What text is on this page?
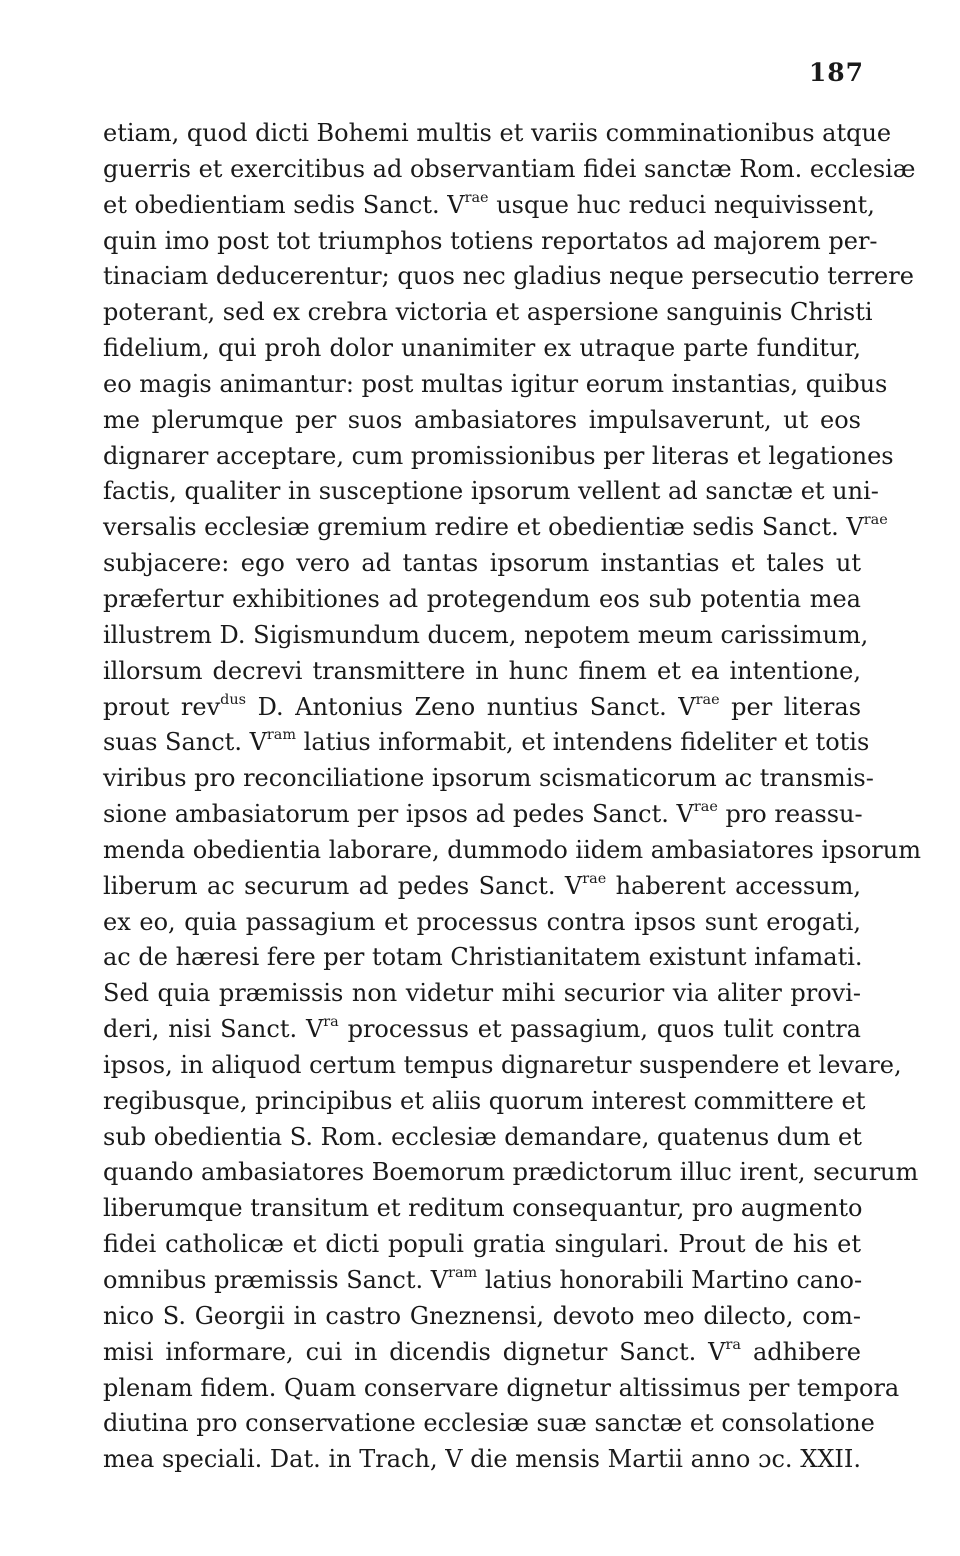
187
etiam, quod dicti Bohemi multis et variis comminationibus atque
guerris et exercitibus ad observantiam fidei sanctæ Rom. ecclesiæ
et obedientiam sedis Sanct. $V^{rae}$ usque huc reduci nequivissent,
quin imo post tot triumphos totiens reportatos ad majorem per-
tinaciam deducerentur; quos nec gladius neque persecutio terrere
poterant, sed ex crebra victoria et aspersione sanguinis Christi
fidelium, qui proh dolor unanimiter ex utraque parte funditur,
eo magis animantur: post multas igitur eorum instantias, quibus
me plerumque per suos ambasiatores impulsaverunt, ut eos
dignarer acceptare, cum promissionibus per literas et legationes
factis, qualiter in susceptione ipsorum vellent ad sanctæ et uni-
versalis ecclesiæ gremium redire et obedientiæ sedis Sanct. $V^{rae}$
subjacere: ego vero ad tantas ipsorum instantias et tales ut
præfertur exhibitiones ad protegendum eos sub potentia mea
illustrem D. Sigismundum ducem, nepotem meum carissimum,
illorsum decrevi transmittere in hunc finem et ea intentione,
prout rev$^{dus}$ D. Antonius Zeno nuntius Sanct. $V^{rae}$ per literas
suas Sanct. $V^{ram}$ latius informabit, et intendens fideliter et totis
viribus pro reconciliatione ipsorum scismaticorum ac transmis-
sione ambasiatorum per ipsos ad pedes Sanct. $V^{rae}$ pro reassu-
menda obedientia laborare, dummodo iidem ambasiatores ipsorum
liberum ac securum ad pedes Sanct. $V^{rae}$ haberent accessum,
ex eo, quia passagium et processus contra ipsos sunt erogati,
ac de hæresi fere per totam Christianitatem existunt infamati.
Sed quia præmissis non videtur mihi securior via aliter provi-
deri, nisi Sanct. $V^{ra}$ processus et passagium, quos tulit contra
ipsos, in aliquod certum tempus dignaretur suspendere et levare,
regibusque, principibus et aliis quorum interest committere et
sub obedientia S. Rom. ecclesiæ demandare, quatenus dum et
quando ambasiatores Boemorum prædictorum illuc irent, securum
liberumque transitum et reditum consequantur, pro augmento
fidei catholicæ et dicti populi gratia singulari. Prout de his et
omnibus præmissis Sanct. $V^{ram}$ latius honorabili Martino cano-
nico S. Georgii in castro Gneznensi, devoto meo dilecto, com-
misi informare, cui in dicendis dignetur Sanct. $V^{ra}$ adhibere
plenam fidem. Quam conservare dignetur altissimus per tempora
diutina pro conservatione ecclesiæ suæ sanctæ et consolatione
mea speciali. Dat. in Trach, V die mensis Martii anno ɔc. XXII.
